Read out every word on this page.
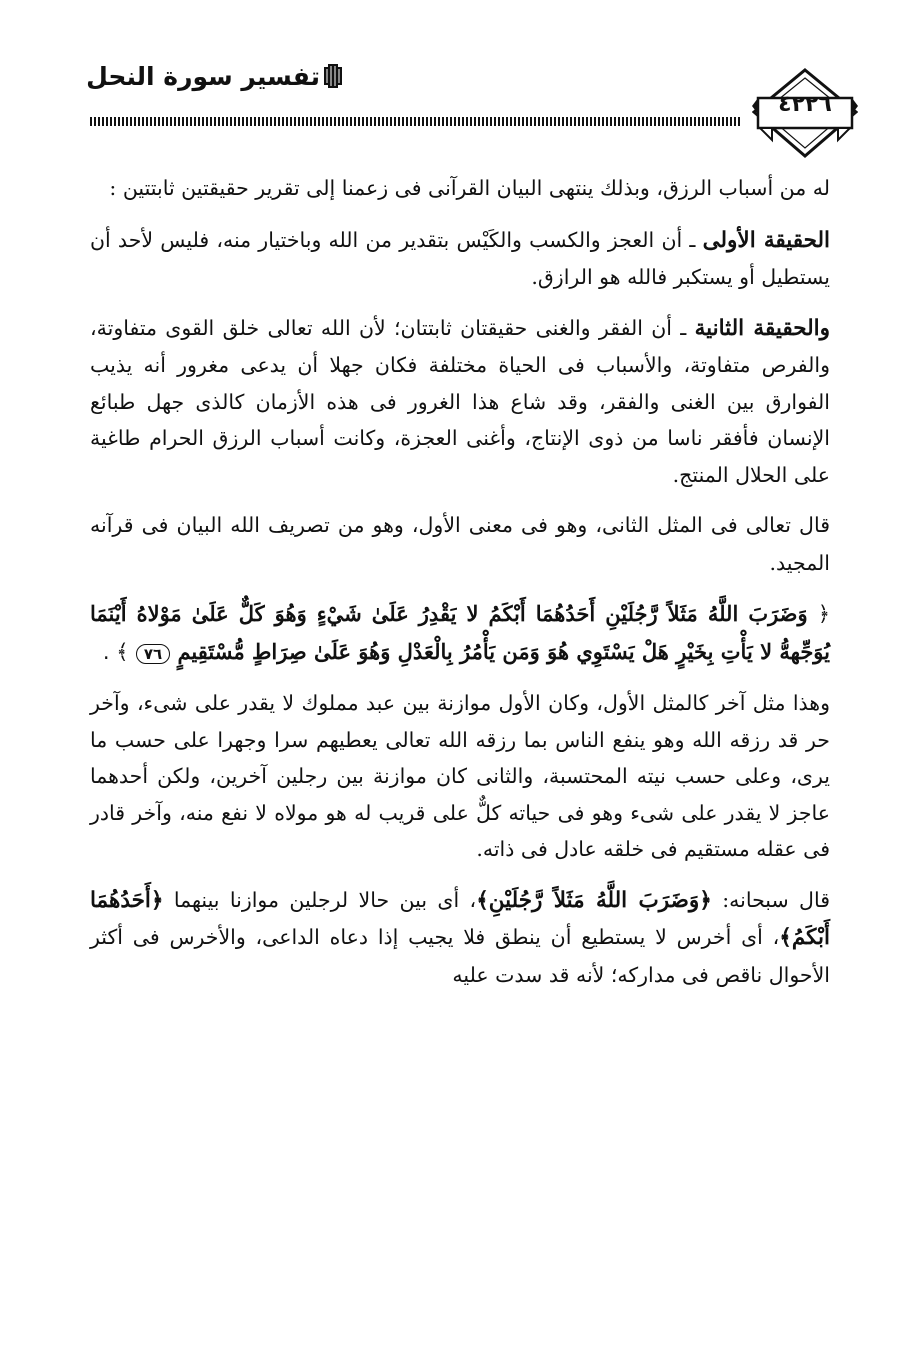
تفسير سورة النحل
٤٢٢٦

له من أسباب الرزق، وبذلك ينتهى البيان القرآنى فى زعمنا إلى تقرير حقيقتين ثابتتين :

الحقيقة الأولى ـ أن العجز والكسب والكَيْس بتقدير من الله وباختيار منه، فليس لأحد أن يستطيل أو يستكبر فالله هو الرازق.

والحقيقة الثانية ـ أن الفقر والغنى حقيقتان ثابتتان؛ لأن الله تعالى خلق القوى متفاوتة، والفرص متفاوتة، والأسباب فى الحياة مختلفة فكان جهلا أن يدعى مغرور أنه يذيب الفوارق بين الغنى والفقر، وقد شاع هذا الغرور فى هذه الأزمان كالذى جهل طبائع الإنسان فأفقر ناسا من ذوى الإنتاج، وأغنى العجزة، وكانت أسباب الرزق الحرام طاغية على الحلال المنتج.

قال تعالى فى المثل الثانى، وهو فى معنى الأول، وهو من تصريف الله البيان فى قرآنه المجيد.

﴿ وَضَرَبَ اللَّهُ مَثَلاً رَّجُلَيْنِ أَحَدُهُمَا أَبْكَمُ لا يَقْدِرُ عَلَىٰ شَيْءٍ وَهُوَ كَلٌّ عَلَىٰ مَوْلاهُ أَيْنَمَا يُوَجِّههُّ لا يَأْتِ بِخَيْرٍ هَلْ يَسْتَوِي هُوَ وَمَن يَأْمُرُ بِالْعَدْلِ وَهُوَ عَلَىٰ صِرَاطٍ مُّسْتَقِيمٍ ٧٦ ﴾ .

وهذا مثل آخر كالمثل الأول، وكان الأول موازنة بين عبد مملوك لا يقدر على شىء، وآخر حر قد رزقه الله وهو ينفع الناس بما رزقه الله تعالى يعطيهم سرا وجهرا على حسب ما يرى، وعلى حسب نيته المحتسبة، والثانى كان موازنة بين رجلين آخرين، ولكن أحدهما عاجز لا يقدر على شىء وهو فى حياته كلٌّ على قريب له هو مولاه لا نفع منه، وآخر قادر فى عقله مستقيم فى خلقه عادل فى ذاته.

قال سبحانه: ﴿وَضَرَبَ اللَّهُ مَثَلاً رَّجُلَيْنِ﴾، أى بين حالا لرجلين موازنا بينهما ﴿أَحَدُهُمَا أَبْكَمُ﴾، أى أخرس لا يستطيع أن ينطق فلا يجيب إذا دعاه الداعى، والأخرس فى أكثر الأحوال ناقص فى مداركه؛ لأنه قد سدت عليه
